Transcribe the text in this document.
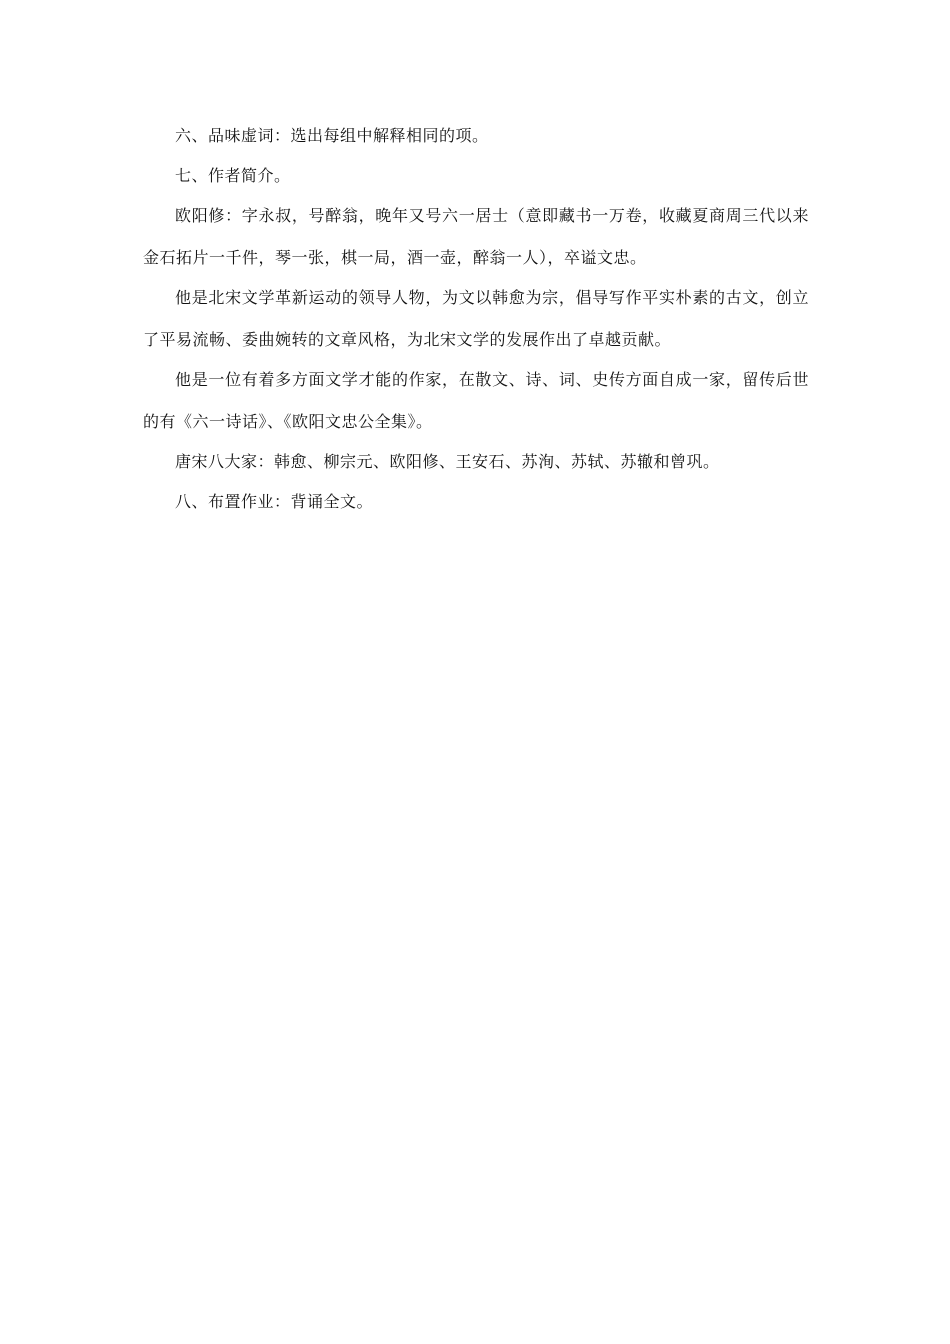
六、品味虚词：选出每组中解释相同的项。

七、作者简介。

欧阳修：字永叔，号醉翁，晚年又号六一居士（意即藏书一万卷，收藏夏商周三代以来金石拓片一千件，琴一张，棋一局，酒一壶，醉翁一人），卒谥文忠。

他是北宋文学革新运动的领导人物，为文以韩愈为宗，倡导写作平实朴素的古文，创立了平易流畅、委曲婉转的文章风格，为北宋文学的发展作出了卓越贡献。

他是一位有着多方面文学才能的作家，在散文、诗、词、史传方面自成一家，留传后世的有《六一诗话》、《欧阳文忠公全集》。

唐宋八大家：韩愈、柳宗元、欧阳修、王安石、苏洵、苏轼、苏辙和曾巩。

八、布置作业：背诵全文。
